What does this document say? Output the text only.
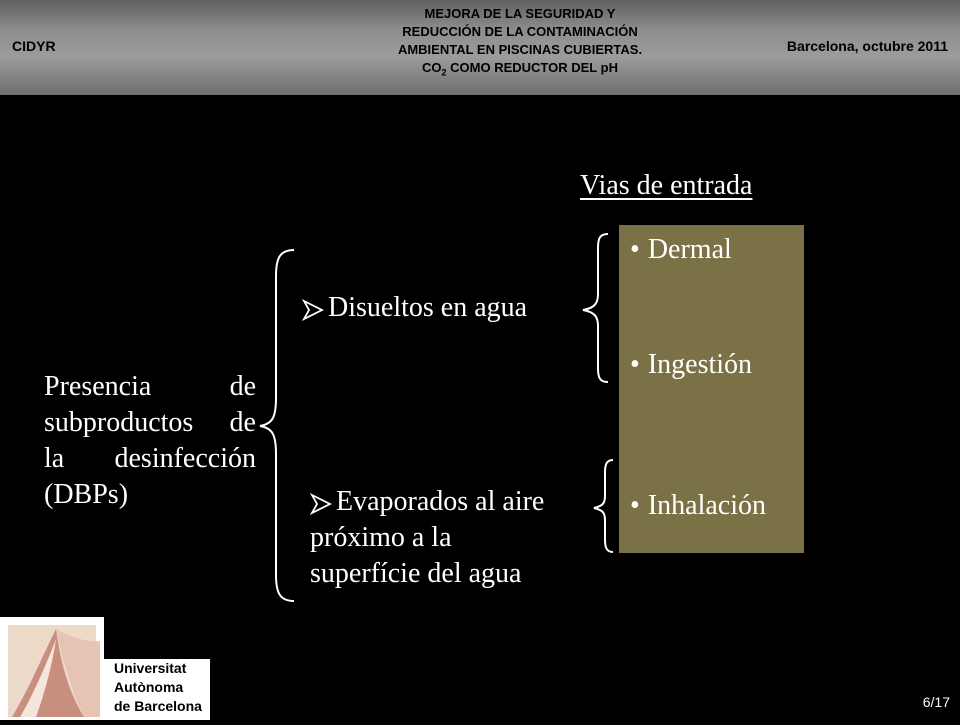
CIDYR
MEJORA DE LA SEGURIDAD Y
REDUCCIÓN DE LA CONTAMINACIÓN
AMBIENTAL EN PISCINAS CUBIERTAS.
$CO_2$ COMO REDUCTOR DEL pH
Barcelona, octubre 2011
Vias de entrada
• Dermal
• Ingestión
• Inhalación
Presencia de
subproductos de
la desinfección
(DBPs)
Disueltos en agua
Evaporados al aire
próximo a la
superfície del agua
Universitat
Autònoma
de Barcelona	6/17
